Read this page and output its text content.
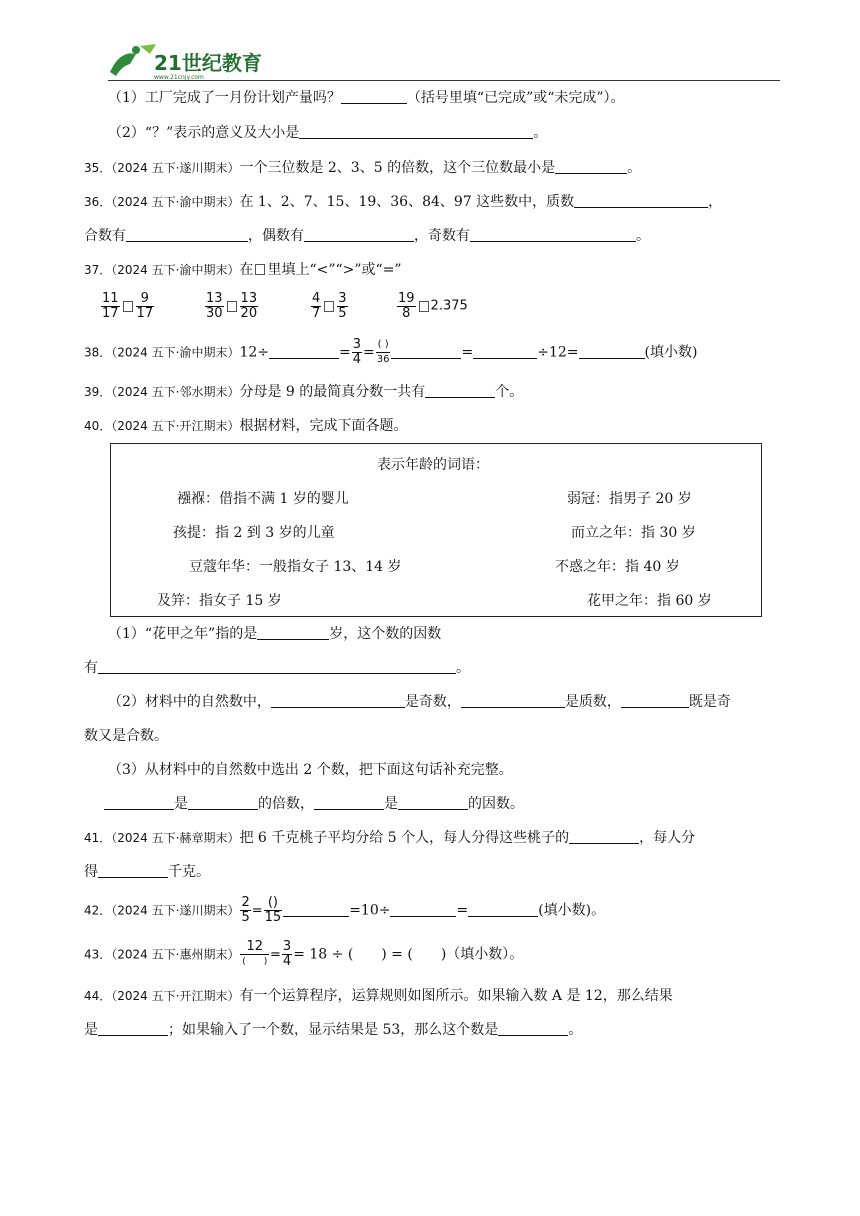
21世纪教育
www.21cnjy.com
（1）工厂完成了一月份计划产量吗？	（括号里填“已完成”或“未完成”）。
（2）“？”表示的意义及大小是	。
35．（2024 五下·遂川期末）一个三位数是 2、3、5 的倍数，这个三位数最小是	。
36．（2024 五下·渝中期末）在 1、2、7、15、19、36、84、97 这些数中，质数	，
合数有	，偶数有	，奇数有	。
37．（2024 五下·渝中期末）在 里填上“<”“>”或“=”
$\frac{11}{17} \frac{9}{17}$	$\frac{13}{30} \frac{13}{20}$	$\frac{4}{7} \frac{3}{5}$	$\frac{19}{8} 2.375$
38．（2024 五下·渝中期末）12÷	= $\frac{3}{4} = \frac{( )}{36}$	=	÷12=	(填小数)
39．（2024 五下·邻水期末）分母是 9 的最简真分数一共有	个。
40．（2024 五下·开江期末）根据材料，完成下面各题。
表示年龄的词语：
襁褓：借指不满 1 岁的婴儿	弱冠：指男子 20 岁
孩提：指 2 到 3 岁的儿童	而立之年：指 30 岁
豆蔻年华：一般指女子 13、14 岁	不惑之年：指 40 岁
及笄：指女子 15 岁	花甲之年：指 60 岁
（1）“花甲之年”指的是	岁，这个数的因数
有	。
（2）材料中的自然数中，	是奇数，	是质数，	既是奇
数又是合数。
（3）从材料中的自然数中选出 2 个数，把下面这句话补充完整。
是	的倍数，	是	的因数。
41．（2024 五下·赫章期末）把 6 千克桃子平均分给 5 个人，每人分得这些桃子的	，每人分
得	千克。
42．（2024 五下·遂川期末） $\frac{2}{5} = \frac{()}{15}$	=10÷	=	(填小数)。
43．（2024 五下·惠州期末） $\frac{12}{( )} = \frac{3}{4} = 18$ ÷ (　　) = (　　)（填小数）。
44．（2024 五下·开江期末）有一个运算程序，运算规则如图所示。如果输入数 A 是 12，那么结果
是	；如果输入了一个数，显示结果是 53，那么这个数是	。
